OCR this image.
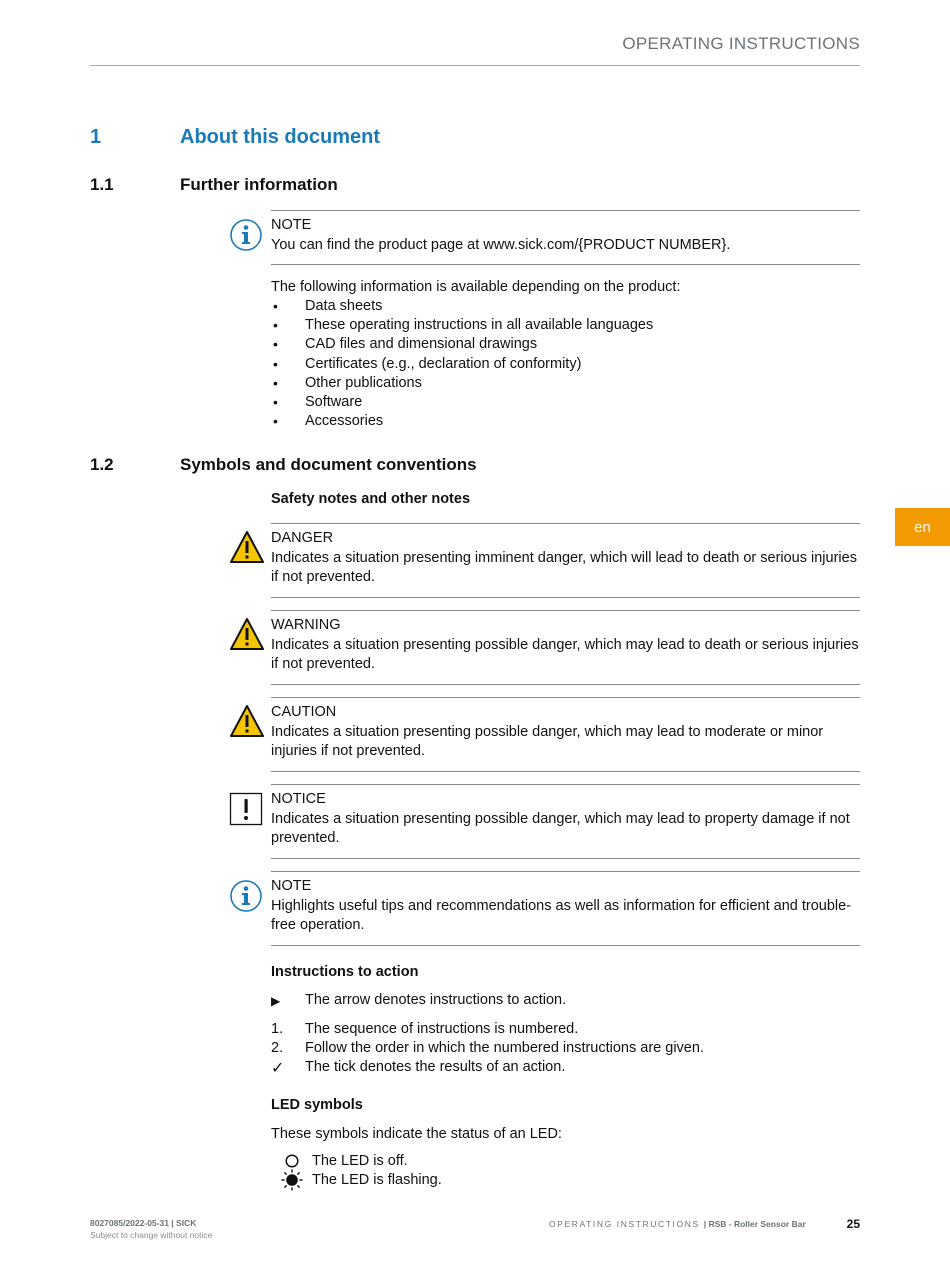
OPERATING INSTRUCTIONS
en
1	About this document
1.1	Further information
NOTE
You can find the product page at www.sick.com/{PRODUCT NUMBER}.
The following information is available depending on the product:
• Data sheets
• These operating instructions in all available languages
• CAD files and dimensional drawings
• Certificates (e.g., declaration of conformity)
• Other publications
• Software
• Accessories
1.2	Symbols and document conventions
Safety notes and other notes
DANGER
Indicates a situation presenting imminent danger, which will lead to death or serious injuries if not prevented.
WARNING
Indicates a situation presenting possible danger, which may lead to death or serious injuries if not prevented.
CAUTION
Indicates a situation presenting possible danger, which may lead to moderate or minor injuries if not prevented.
NOTICE
Indicates a situation presenting possible danger, which may lead to property damage if not prevented.
NOTE
Highlights useful tips and recommendations as well as information for efficient and trouble-free operation.
Instructions to action
▶ The arrow denotes instructions to action.
1. The sequence of instructions is numbered.
2. Follow the order in which the numbered instructions are given.
✓ The tick denotes the results of an action.
LED symbols
These symbols indicate the status of an LED:
The LED is off.
The LED is flashing.
8027085/2022-05-31 | SICK
Subject to change without notice
OPERATING INSTRUCTIONS | RSB - Roller Sensor Bar	25
